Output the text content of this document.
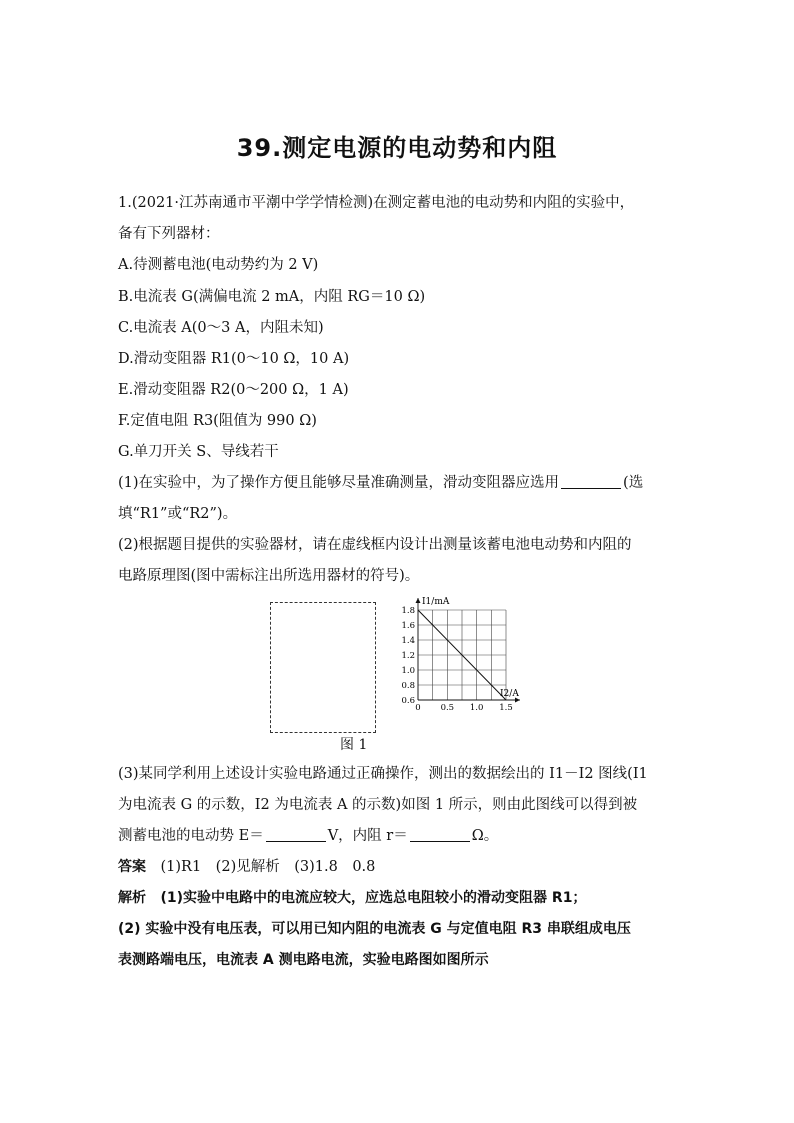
39.测定电源的电动势和内阻
1.(2021·江苏南通市平潮中学学情检测)在测定蓄电池的电动势和内阻的实验中，
备有下列器材：
A.待测蓄电池(电动势约为 2 V)
B.电流表 G(满偏电流 2 mA，内阻 RG＝10 Ω)
C.电流表 A(0～3 A，内阻未知)
D.滑动变阻器 R1(0～10 Ω，10 A)
E.滑动变阻器 R2(0～200 Ω，1 A)
F.定值电阻 R3(阻值为 990 Ω)
G.单刀开关 S、导线若干
(1)在实验中，为了操作方便且能够尽量准确测量，滑动变阻器应选用	(选
填“R1”或“R2”)。
(2)根据题目提供的实验器材，请在虚线框内设计出测量该蓄电池电动势和内阻的
电路原理图(图中需标注出所选用器材的符号)。
0 0.5 1.0 1.5
0.6
0.8
1.0
1.2
1.4
1.6
1.8
I2/A
I1/mA
图 1
(3)某同学利用上述设计实验电路通过正确操作，测出的数据绘出的 I1－I2 图线(I1
为电流表 G 的示数，I2 为电流表 A 的示数)如图 1 所示，则由此图线可以得到被
测蓄电池的电动势 E＝	V，内阻 r＝	Ω。
答案　 (1)R1　(2)见解析　(3)1.8　0.8
解析　 (1)实验中电路中的电流应较大，应选总电阻较小的滑动变阻器 R1；
(2) 实验中没有电压表，可以用已知内阻的电流表 G 与定值电阻 R3 串联组成电压
表测路端电压，电流表 A 测电路电流，实验电路图如图所示
